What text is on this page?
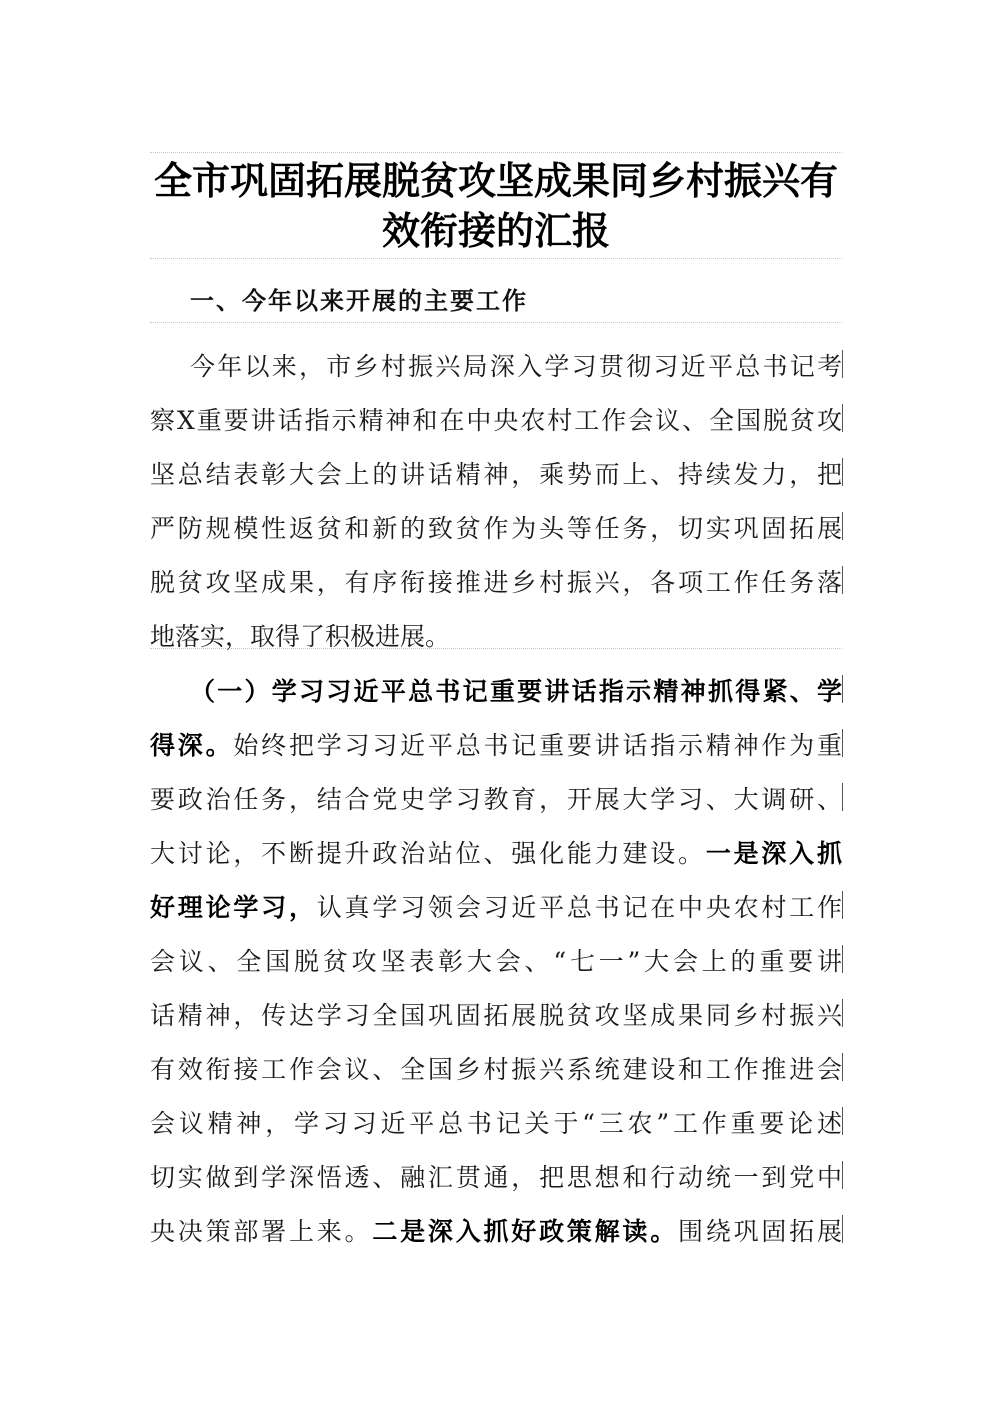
全市巩固拓展脱贫攻坚成果同乡村振兴有
效衔接的汇报
一、今年以来开展的主要工作
今年以来，市乡村振兴局深入学习贯彻习近平总书记考
察X重要讲话指示精神和在中央农村工作会议、全国脱贫攻
坚总结表彰大会上的讲话精神，乘势而上、持续发力，把
严防规模性返贫和新的致贫作为头等任务，切实巩固拓展
脱贫攻坚成果，有序衔接推进乡村振兴，各项工作任务落
地落实，取得了积极进展。
（一）学习习近平总书记重要讲话指示精神抓得紧、学
得深。始终把学习习近平总书记重要讲话指示精神作为重
要政治任务，结合党史学习教育，开展大学习、大调研、
大讨论，不断提升政治站位、强化能力建设。一是深入抓
好理论学习，认真学习领会习近平总书记在中央农村工作
会议、全国脱贫攻坚表彰大会、“七一”大会上的重要讲
话精神，传达学习全国巩固拓展脱贫攻坚成果同乡村振兴
有效衔接工作会议、全国乡村振兴系统建设和工作推进会
会议精神，学习习近平总书记关于“三农”工作重要论述
切实做到学深悟透、融汇贯通，把思想和行动统一到党中
央决策部署上来。二是深入抓好政策解读。围绕巩固拓展
